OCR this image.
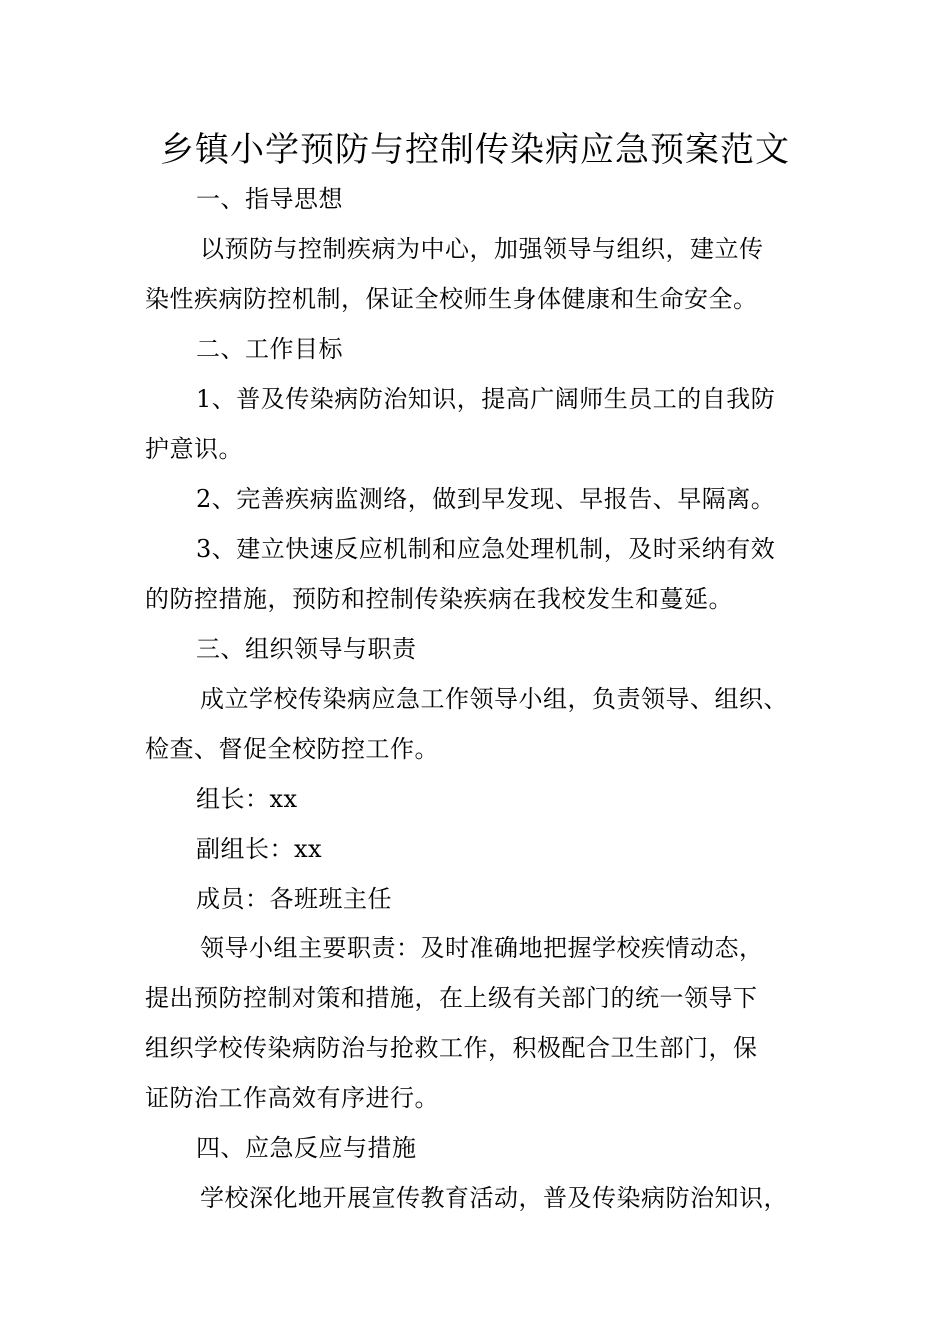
乡镇小学预防与控制传染病应急预案范文
一、指导思想
以预防与控制疾病为中心，加强领导与组织，建立传
染性疾病防控机制，保证全校师生身体健康和生命安全。
二、工作目标
1、普及传染病防治知识，提高广阔师生员工的自我防
护意识。
2、完善疾病监测络，做到早发现、早报告、早隔离。
3、建立快速反应机制和应急处理机制，及时采纳有效
的防控措施，预防和控制传染疾病在我校发生和蔓延。
三、组织领导与职责
成立学校传染病应急工作领导小组，负责领导、组织、
检查、督促全校防控工作。
组长：xx
副组长：xx
成员：各班班主任
领导小组主要职责：及时准确地把握学校疾情动态，
提出预防控制对策和措施，在上级有关部门的统一领导下
组织学校传染病防治与抢救工作，积极配合卫生部门，保
证防治工作高效有序进行。
四、应急反应与措施
学校深化地开展宣传教育活动，普及传染病防治知识，
